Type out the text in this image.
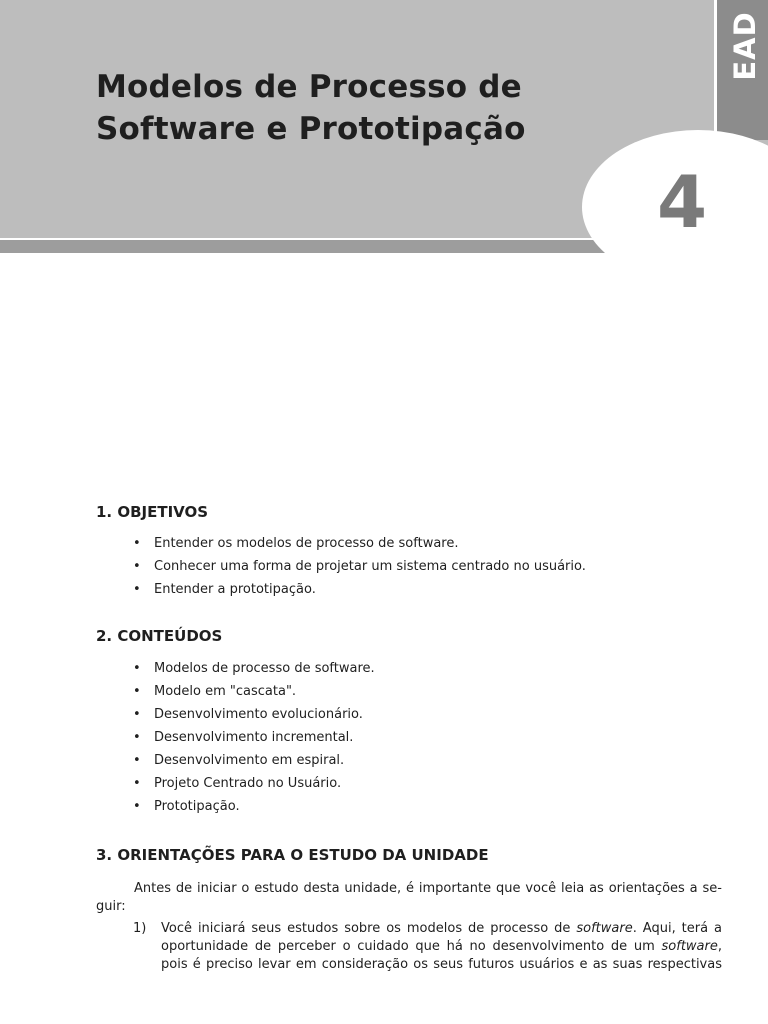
EAD
4
Modelos de Processo de
Software e Prototipação
1. OBJETIVOS
• Entender os modelos de processo de software.
• Conhecer uma forma de projetar um sistema centrado no usuário.
• Entender a prototipação.
2. CONTEÚDOS
• Modelos de processo de software.
• Modelo em "cascata".
• Desenvolvimento evolucionário.
• Desenvolvimento incremental.
• Desenvolvimento em espiral.
• Projeto Centrado no Usuário.
• Prototipação.
3. ORIENTAÇÕES PARA O ESTUDO DA UNIDADE
Antes de iniciar o estudo desta unidade, é importante que você leia as orientações a se-
guir:
1) Você iniciará seus estudos sobre os modelos de processo de software. Aqui, terá a
oportunidade de perceber o cuidado que há no desenvolvimento de um software,
pois é preciso levar em consideração os seus futuros usuários e as suas respectivas
